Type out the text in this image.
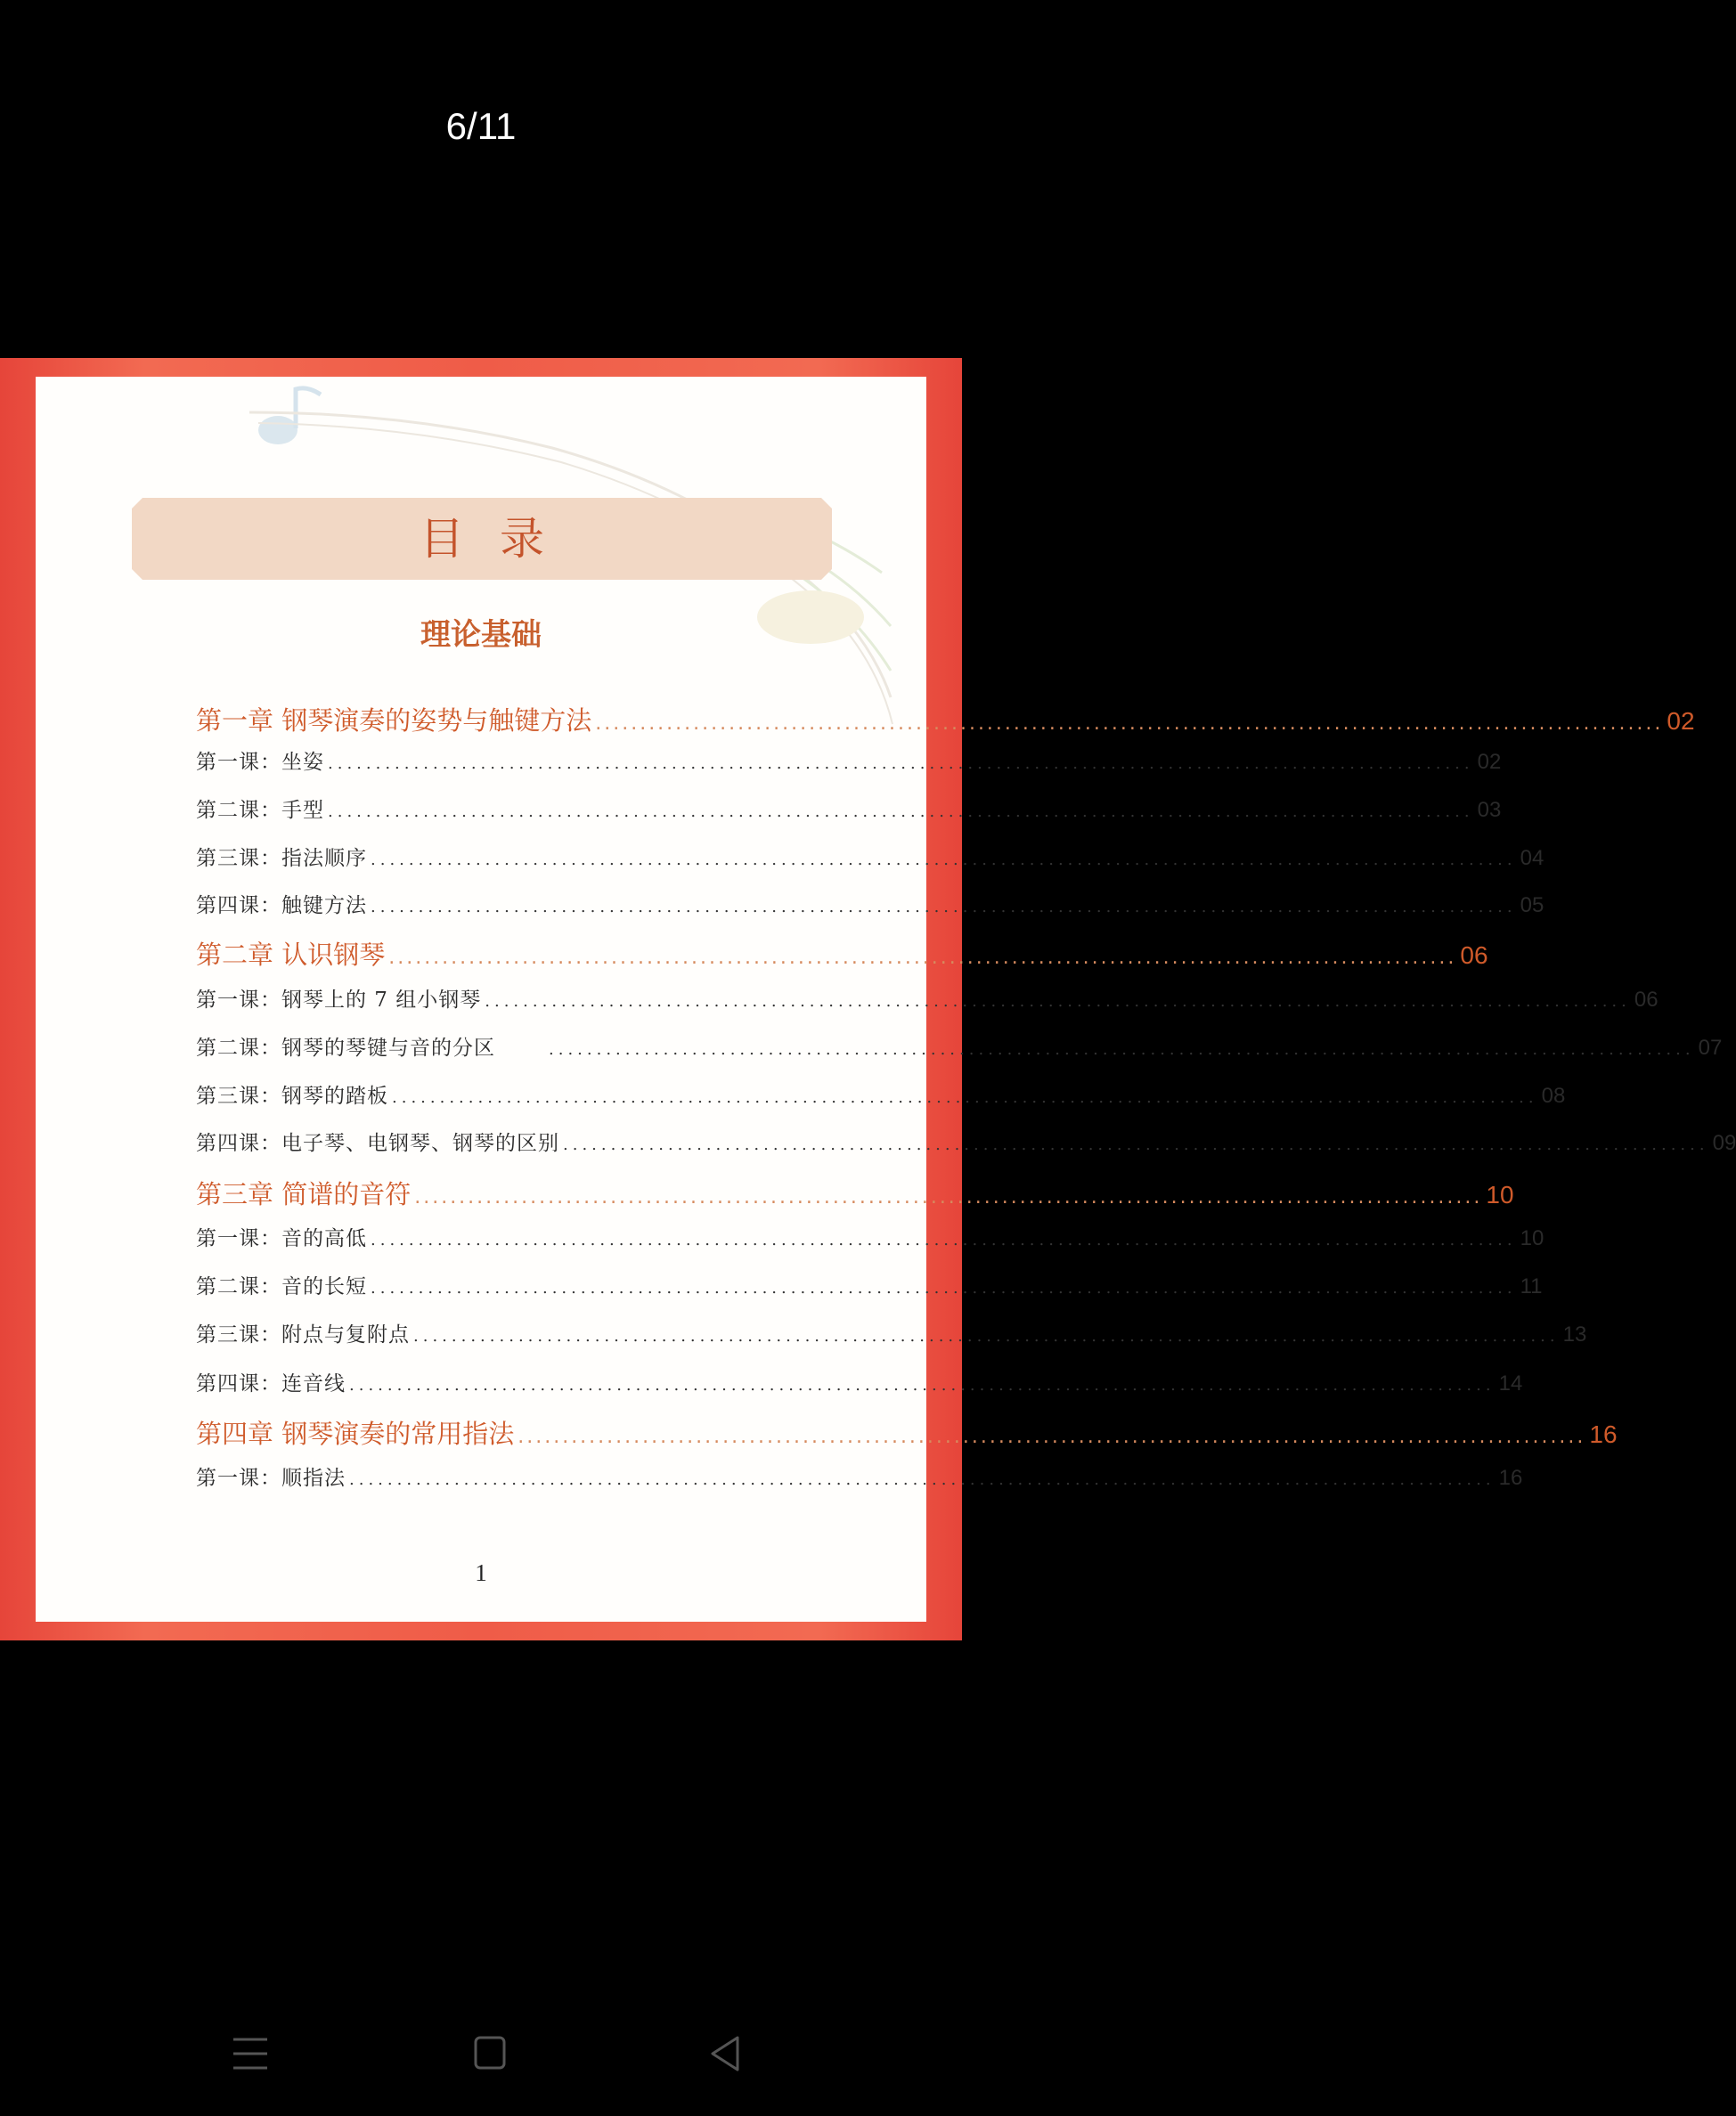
6/11
目录
理论基础
第一章 钢琴演奏的姿势与触键方法 ........................................................................................................................ 02
第一课：坐姿 ........................................................................................................................ 02
第二课：手型 ........................................................................................................................ 03
第三课：指法顺序 ........................................................................................................................ 04
第四课：触键方法 ........................................................................................................................ 05
第二章 认识钢琴 ........................................................................................................................ 06
第一课：钢琴上的 7 组小钢琴 ........................................................................................................................ 06
第二课：钢琴的琴键与音的分区	........................................................................................................................ 07
第三课：钢琴的踏板 ........................................................................................................................ 08
第四课：电子琴、电钢琴、钢琴的区别 ........................................................................................................................ 09
第三章 简谱的音符 ........................................................................................................................ 10
第一课：音的高低 ........................................................................................................................ 10
第二课：音的长短 ........................................................................................................................ 11
第三课：附点与复附点 ........................................................................................................................ 13
第四课：连音线 ........................................................................................................................ 14
第四章 钢琴演奏的常用指法 ........................................................................................................................ 16
第一课：顺指法 ........................................................................................................................ 16
1
